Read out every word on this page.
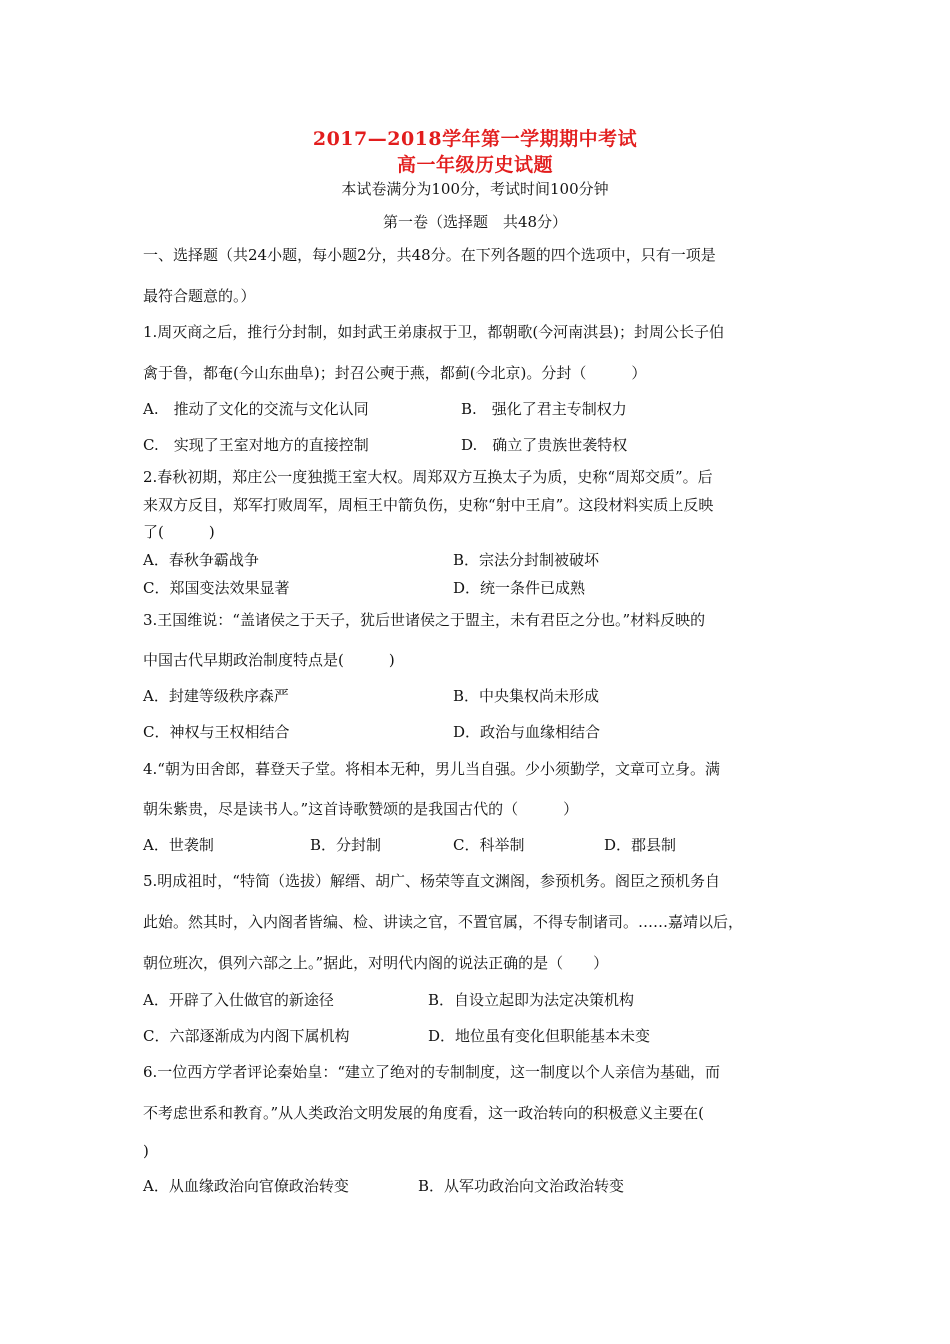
2017—2018学年第一学期期中考试
高一年级历史试题
本试卷满分为100分，考试时间100分钟
第一卷（选择题　共48分）
一、选择题（共24小题，每小题2分，共48分。在下列各题的四个选项中，只有一项是
最符合题意的。）
1.周灭商之后，推行分封制，如封武王弟康叔于卫，都朝歌(今河南淇县)；封周公长子伯
禽于鲁，都奄(今山东曲阜)；封召公奭于燕，都蓟(今北京)。分封（　　　）
A.　推动了文化的交流与文化认同	B.　强化了君主专制权力
C.　实现了王室对地方的直接控制	D.　确立了贵族世袭特权
2.春秋初期，郑庄公一度独揽王室大权。周郑双方互换太子为质，史称“周郑交质”。后
来双方反目，郑军打败周军，周桓王中箭负伤，史称“射中王肩”。这段材料实质上反映
了(　　　)
A．春秋争霸战争	B．宗法分封制被破坏
C．郑国变法效果显著	D．统一条件已成熟
3.王国维说：“盖诸侯之于天子，犹后世诸侯之于盟主，未有君臣之分也。”材料反映的
中国古代早期政治制度特点是(　　　)
A．封建等级秩序森严	B．中央集权尚未形成
C．神权与王权相结合	D．政治与血缘相结合
4.“朝为田舍郎，暮登天子堂。将相本无种，男儿当自强。少小须勤学，文章可立身。满
朝朱紫贵，尽是读书人。”这首诗歌赞颂的是我国古代的（　　　）
A．世袭制	B．分封制	C．科举制	D．郡县制
5.明成祖时，“特简（选拔）解缙、胡广、杨荣等直文渊阁，参预机务。阁臣之预机务自
此始。然其时，入内阁者皆编、检、讲读之官，不置官属，不得专制诸司。……嘉靖以后，
朝位班次，俱列六部之上。”据此，对明代内阁的说法正确的是（　　）
A．开辟了入仕做官的新途径	B．自设立起即为法定决策机构
C．六部逐渐成为内阁下属机构	D．地位虽有变化但职能基本未变
6.一位西方学者评论秦始皇：“建立了绝对的专制制度，这一制度以个人亲信为基础，而
不考虑世系和教育。”从人类政治文明发展的角度看，这一政治转向的积极意义主要在(
)
A．从血缘政治向官僚政治转变	B．从军功政治向文治政治转变
